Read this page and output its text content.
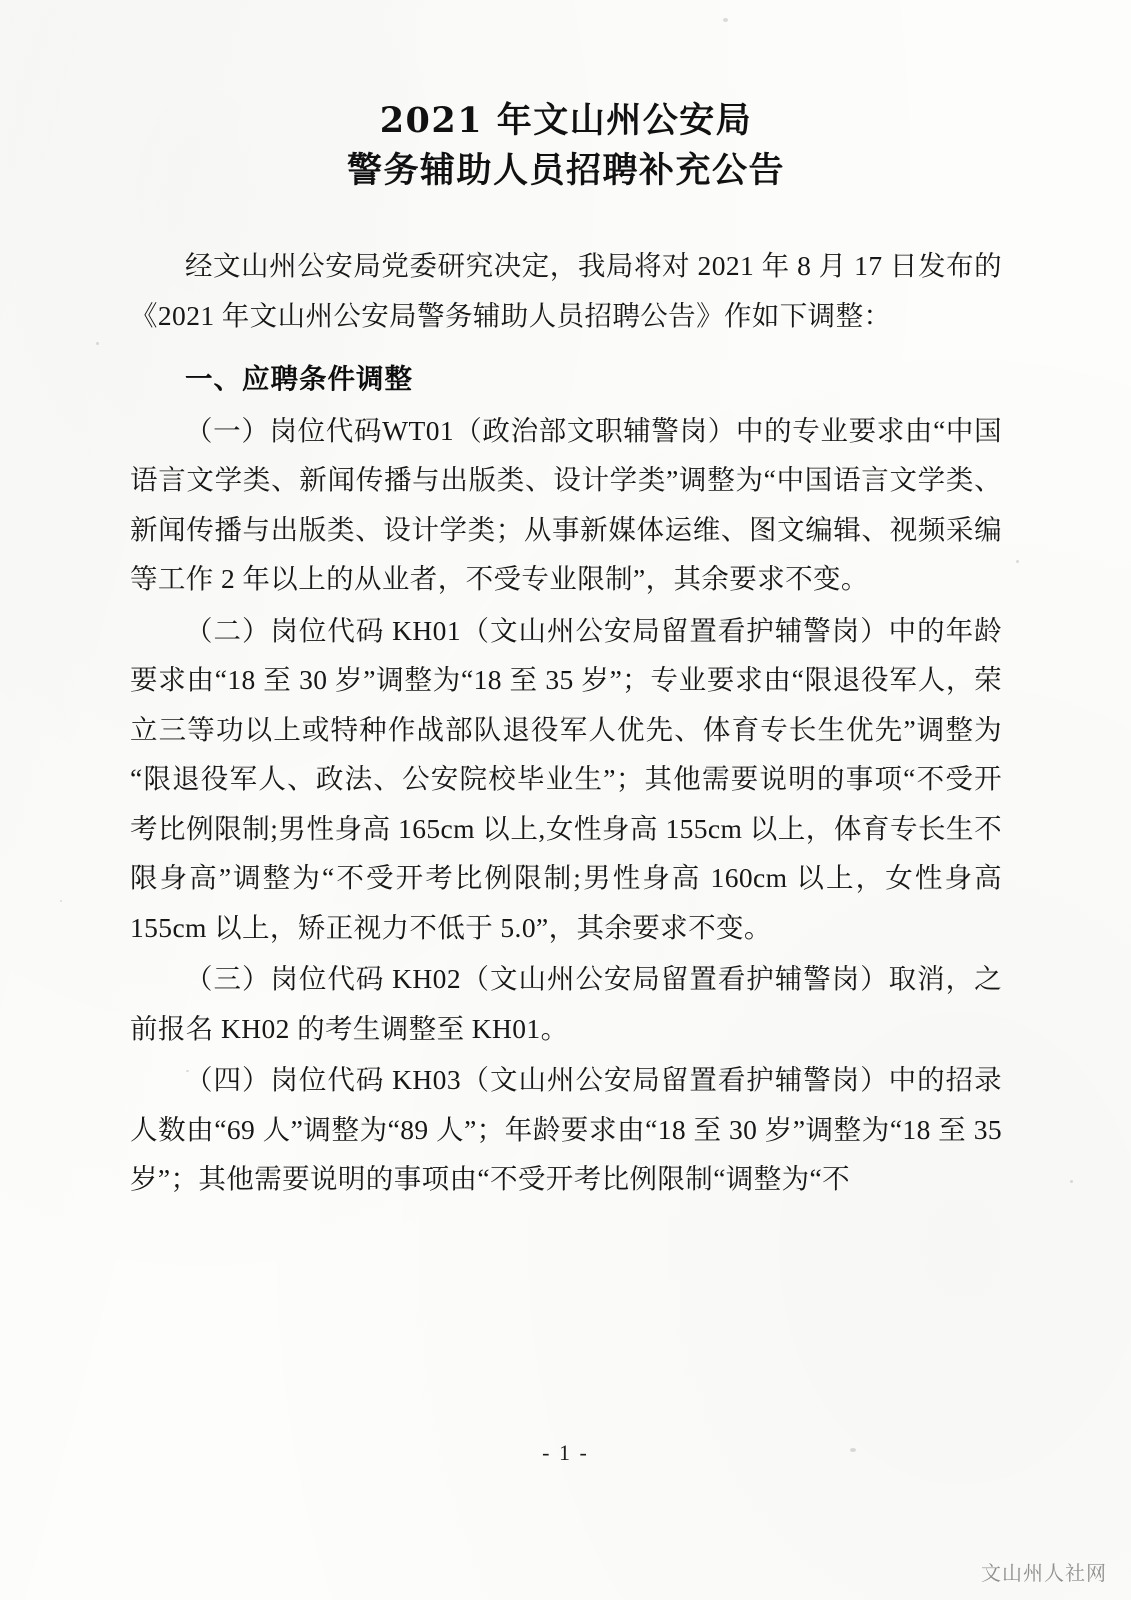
2021 年文山州公安局
警务辅助人员招聘补充公告

经文山州公安局党委研究决定，我局将对 2021 年 8 月 17 日发布的《2021 年文山州公安局警务辅助人员招聘公告》作如下调整：

一、应聘条件调整

（一）岗位代码WT01（政治部文职辅警岗）中的专业要求由“中国语言文学类、新闻传播与出版类、设计学类”调整为“中国语言文学类、新闻传播与出版类、设计学类；从事新媒体运维、图文编辑、视频采编等工作 2 年以上的从业者，不受专业限制”，其余要求不变。

（二）岗位代码 KH01（文山州公安局留置看护辅警岗）中的年龄要求由“18 至 30 岁”调整为“18 至 35 岁”；专业要求由“限退役军人，荣立三等功以上或特种作战部队退役军人优先、体育专长生优先”调整为“限退役军人、政法、公安院校毕业生”；其他需要说明的事项“不受开考比例限制;男性身高 165cm 以上,女性身高 155cm 以上，体育专长生不限身高”调整为“不受开考比例限制;男性身高 160cm 以上，女性身高 155cm 以上，矫正视力不低于 5.0”，其余要求不变。

（三）岗位代码 KH02（文山州公安局留置看护辅警岗）取消，之前报名 KH02 的考生调整至 KH01。

（四）岗位代码 KH03（文山州公安局留置看护辅警岗）中的招录人数由“69 人”调整为“89 人”；年龄要求由“18 至 30 岁”调整为“18 至 35 岁”；其他需要说明的事项由“不受开考比例限制“调整为“不

- 1 -
文山州人社网
